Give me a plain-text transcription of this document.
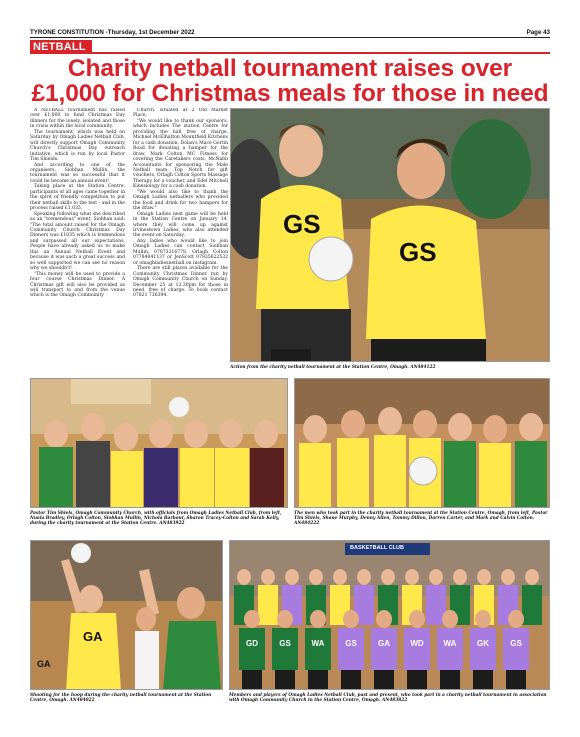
TYRONE CONSTITUTION -Thursday, 1st December 2022	Page 43
NETBALL
Charity netball tournament raises over £1,000 for Christmas meals for those in need

A NETBALL tournament has raised over £1,000 to fund Christmas Day dinners for the lonely, isolated and those in crisis within the local community.

The tournament, which was held on Saturday by Omagh Ladies Netball Club, will directly support Omagh Community Church's Christmas Day outreach initiative, which is run by local Pastor Tim Shields.

And according to one of the organisers, Siobhan Mullin, the tournament was so successful that it could be become an annual event!

Taking place at the Station Centre, participants of all ages came together in the spirit of friendly competition to put their netball skills to the test - and in the process raised £1,035.

Speaking following what she described as an "tremendous" event, Siobhan said: "The total amount raised for the Omagh Community Church Christmas Day Dinners was £1035 which is tremendous and surpassed all our expectations. People have already asked us to make this an Annual Netball Event and because it was such a great success and so well supported we can see no reason why we shouldn't!

"This money will be used to provide a four course Christmas Dinner. A Christmas gift will also be provided as will transport to and from the venue which is the Omagh Community

Church, situated at 2 Old Market Place.

"We would like to thank our sponsors, which includes The station Centre for providing the hall free of charge, Michael McElhatton Mountfield Kitchens for a cash donation, Dolan's Mace Gortin Road for donating a hamper for the draw, Mark Colton MC Fitness for covering the Caretakers costs, McNabb Accountants for sponsoring the Male Netball team, Top Notch for gift vouchers, Orlagh Colton Sports Massage Therapy for a voucher, and Edel Mitchell Kinesiology for a cash donation.

"We would also like to thank the Omagh Ladies netballers who provided the food and drink for two hampers for the draw."

Omagh Ladies next game will be held in the Station Centre on January 14, where they will come up against Irvinestown Ladies, who also attended the event on Saturday.

Any ladies who would like to join Omagh Ladies can contact Siobhan Mullin, 07873216778, Orlagh Colton 07784041137 or JenScott 07835622532 or omaghladiesnetball on instagram.

There are still places available for the Community Christmas Dinner run by Omagh Community Church on Sunday, December 25 at 12.30pm for those in need, free of charge. To book contact 07821 736394.

GS
GS
Action from the charity netball tournament at the Station Centre, Omagh. AN484122
Pastor Tim Shiels, Omagh Community Church, with officials from Omagh Ladies Netball Club, from left, Nuala Bradley, Orlagh Colton, Siobhan Mullin, Nichola Barbour, Sharon Tracey-Colton and Sarah Kelly, during the charity tournament at the Station Centre. AN483922
The men who took part in the charity netball tournament at the Station Centre, Omagh, from left, Pastor Tim Shiels, Shane Murphy, Denny Allen, Tommy Dillon, Darren Carter, and Mark and Calvin Colton. AN484222
GA
GA
Shooting for the hoop during the charity netball tournament at the Station Centre, Omagh. AN484022
BASKETBALL CLUB
GD	GS	WA	GS	GA	WD	WA	GK	GS
Members and players of Omagh Ladies Netball Club, past and present, who took part in a charity netball tournament in association with Omagh Community Church in the Station Centre, Omagh. AN483822
